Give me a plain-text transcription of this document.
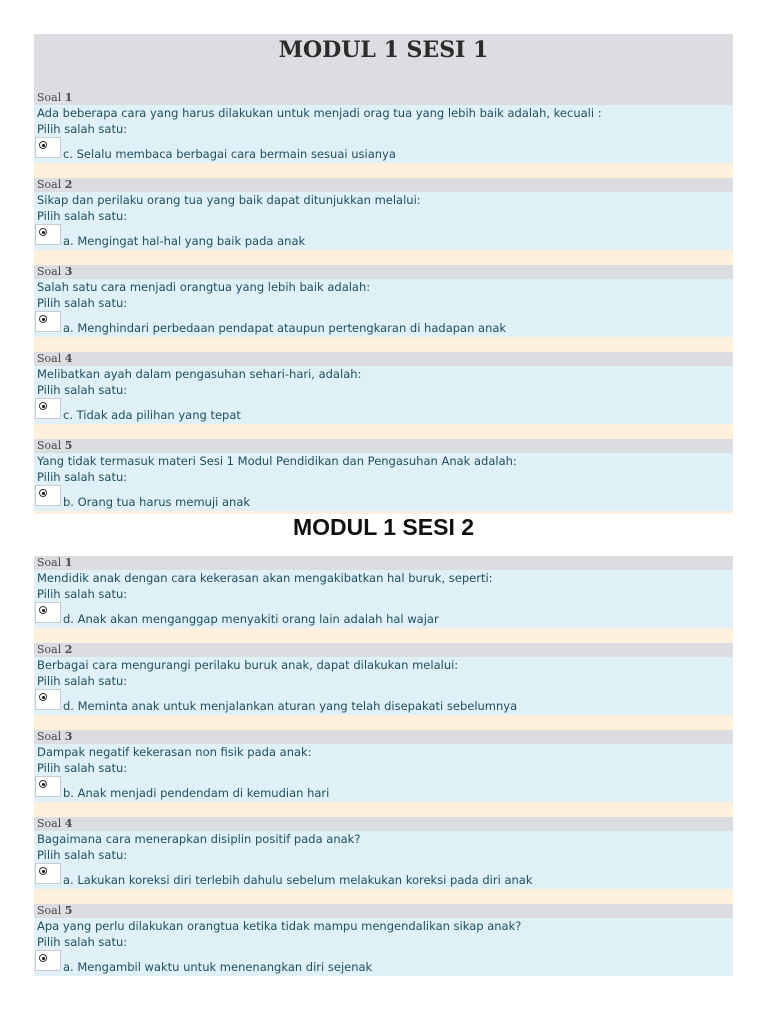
MODUL 1 SESI 1
Soal 1
Ada beberapa cara yang harus dilakukan untuk menjadi orag tua yang lebih baik adalah, kecuali :
Pilih salah satu:
c. Selalu membaca berbagai cara bermain sesuai usianya
Soal 2
Sikap dan perilaku orang tua yang baik dapat ditunjukkan melalui:
Pilih salah satu:
a. Mengingat hal-hal yang baik pada anak
Soal 3
Salah satu cara menjadi orangtua yang lebih baik adalah:
Pilih salah satu:
a. Menghindari perbedaan pendapat ataupun pertengkaran di hadapan anak
Soal 4
Melibatkan ayah dalam pengasuhan sehari-hari, adalah:
Pilih salah satu:
c. Tidak ada pilihan yang tepat
Soal 5
Yang tidak termasuk materi Sesi 1 Modul Pendidikan dan Pengasuhan Anak adalah:
Pilih salah satu:
b. Orang tua harus memuji anak
MODUL 1 SESI 2
Soal 1
Mendidik anak dengan cara kekerasan akan mengakibatkan hal buruk, seperti:
Pilih salah satu:
d. Anak akan menganggap menyakiti orang lain adalah hal wajar
Soal 2
Berbagai cara mengurangi perilaku buruk anak, dapat dilakukan melalui:
Pilih salah satu:
d. Meminta anak untuk menjalankan aturan yang telah disepakati sebelumnya
Soal 3
Dampak negatif kekerasan non fisik pada anak:
Pilih salah satu:
b. Anak menjadi pendendam di kemudian hari
Soal 4
Bagaimana cara menerapkan disiplin positif pada anak?
Pilih salah satu:
a. Lakukan koreksi diri terlebih dahulu sebelum melakukan koreksi pada diri anak
Soal 5
Apa yang perlu dilakukan orangtua ketika tidak mampu mengendalikan sikap anak?
Pilih salah satu:
a. Mengambil waktu untuk menenangkan diri sejenak
